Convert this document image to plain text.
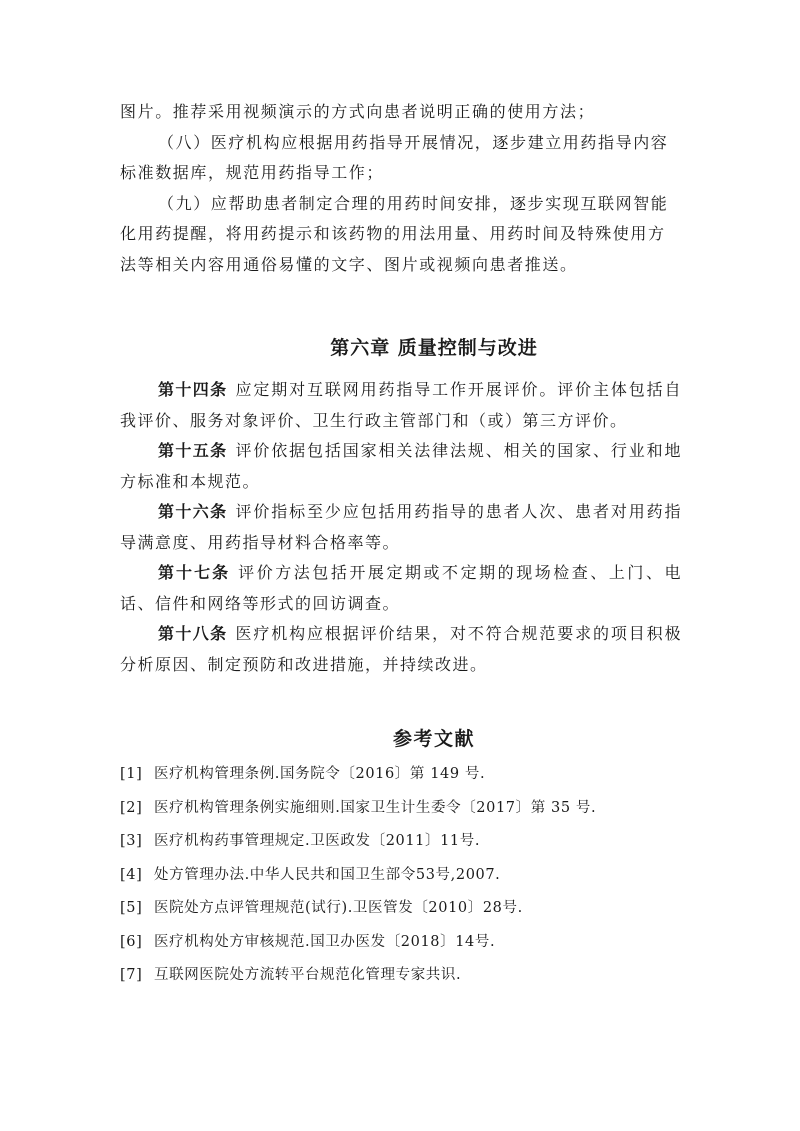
图片。推荐采用视频演示的方式向患者说明正确的使用方法；

（八）医疗机构应根据用药指导开展情况，逐步建立用药指导内容标准数据库，规范用药指导工作；

（九）应帮助患者制定合理的用药时间安排，逐步实现互联网智能化用药提醒，将用药提示和该药物的用法用量、用药时间及特殊使用方法等相关内容用通俗易懂的文字、图片或视频向患者推送。

第六章 质量控制与改进

第十四条 应定期对互联网用药指导工作开展评价。评价主体包括自我评价、服务对象评价、卫生行政主管部门和（或）第三方评价。

第十五条 评价依据包括国家相关法律法规、相关的国家、行业和地方标准和本规范。

第十六条 评价指标至少应包括用药指导的患者人次、患者对用药指导满意度、用药指导材料合格率等。

第十七条 评价方法包括开展定期或不定期的现场检查、上门、电话、信件和网络等形式的回访调查。

第十八条 医疗机构应根据评价结果，对不符合规范要求的项目积极分析原因、制定预防和改进措施，并持续改进。

参考文献
[1] 医疗机构管理条例.国务院令〔2016〕第 149 号.
[2] 医疗机构管理条例实施细则.国家卫生计生委令〔2017〕第 35 号.
[3] 医疗机构药事管理规定.卫医政发〔2011〕11号.
[4] 处方管理办法.中华人民共和国卫生部令53号,2007.
[5] 医院处方点评管理规范(试行).卫医管发〔2010〕28号.
[6] 医疗机构处方审核规范.国卫办医发〔2018〕14号.
[7] 互联网医院处方流转平台规范化管理专家共识.
